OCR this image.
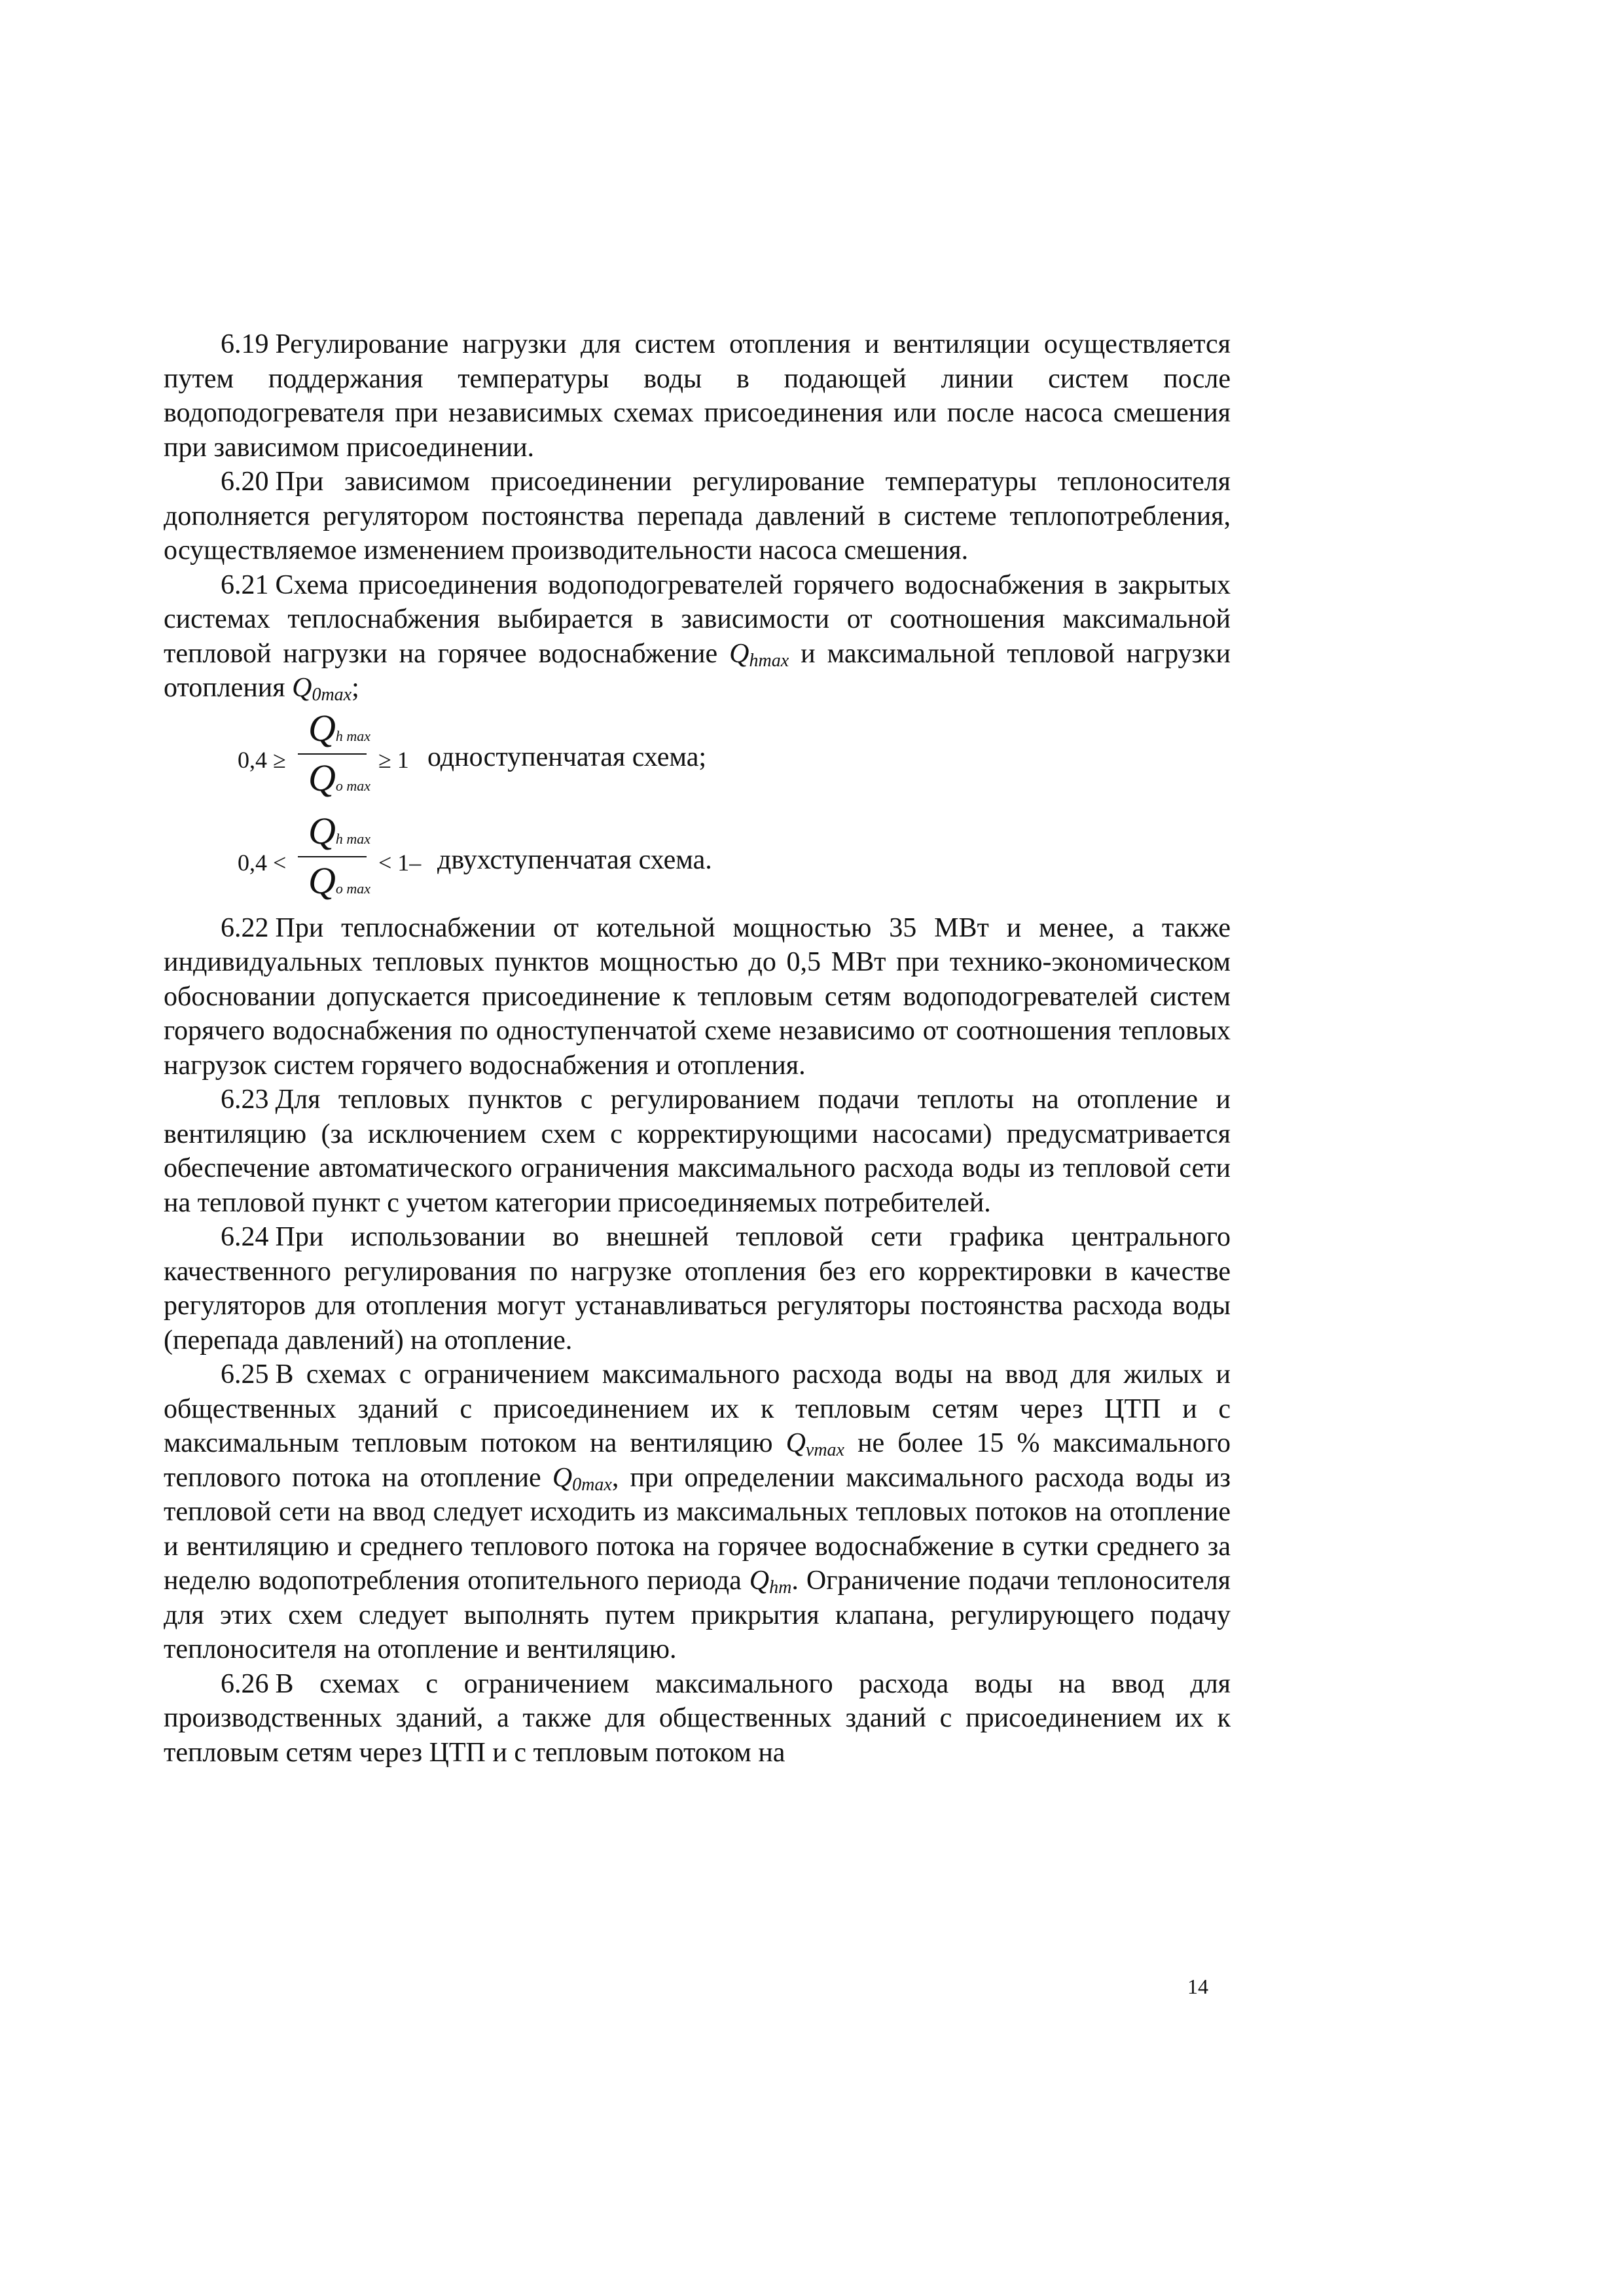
6.19 Регулирование нагрузки для систем отопления и вентиляции осуществляется путем поддержания температуры воды в подающей линии систем после водоподогревателя при независимых схемах присоединения или после насоса смешения при зависимом присоединении.

6.20 При зависимом присоединении регулирование температуры теплоносителя дополняется регулятором постоянства перепада давлений в системе теплопотребления, осуществляемое изменением производительности насоса смешения.

6.21 Схема присоединения водоподогревателей горячего водоснабжения в закрытых системах теплоснабжения выбирается в зависимости от соотношения максимальной тепловой нагрузки на горячее водоснабжение $Q_{hmax}$ и максимальной тепловой нагрузки отопления $Q_{0max}$;

0,4 ≥
Qh max
Qo max
≥ 1 одноступенчатая схема;
0,4 <
Qh max
Qo max
< 1– двухступенчатая схема.

6.22 При теплоснабжении от котельной мощностью 35 МВт и менее, а также индивидуальных тепловых пунктов мощностью до 0,5 МВт при технико-экономическом обосновании допускается присоединение к тепловым сетям водоподогревателей систем горячего водоснабжения по одноступенчатой схеме независимо от соотношения тепловых нагрузок систем горячего водоснабжения и отопления.

6.23 Для тепловых пунктов с регулированием подачи теплоты на отопление и вентиляцию (за исключением схем с корректирующими насосами) предусматривается обеспечение автоматического ограничения максимального расхода воды из тепловой сети на тепловой пункт с учетом категории присоединяемых потребителей.

6.24 При использовании во внешней тепловой сети графика центрального качественного регулирования по нагрузке отопления без его корректировки в качестве регуляторов для отопления могут устанавливаться регуляторы постоянства расхода воды (перепада давлений) на отопление.

6.25 В схемах с ограничением максимального расхода воды на ввод для жилых и общественных зданий с присоединением их к тепловым сетям через ЦТП и с максимальным тепловым потоком на вентиляцию $Q_{vmax}$ не более 15 % максимального теплового потока на отопление $Q_{0max}$, при определении максимального расхода воды из тепловой сети на ввод следует исходить из максимальных тепловых потоков на отопление и вентиляцию и среднего теплового потока на горячее водоснабжение в сутки среднего за неделю водопотребления отопительного периода $Q_{hm}$. Ограничение подачи теплоносителя для этих схем следует выполнять путем прикрытия клапана, регулирующего подачу теплоносителя на отопление и вентиляцию.

6.26 В схемах с ограничением максимального расхода воды на ввод для производственных зданий, а также для общественных зданий с присоединением их к тепловым сетям через ЦТП и с тепловым потоком на

14
